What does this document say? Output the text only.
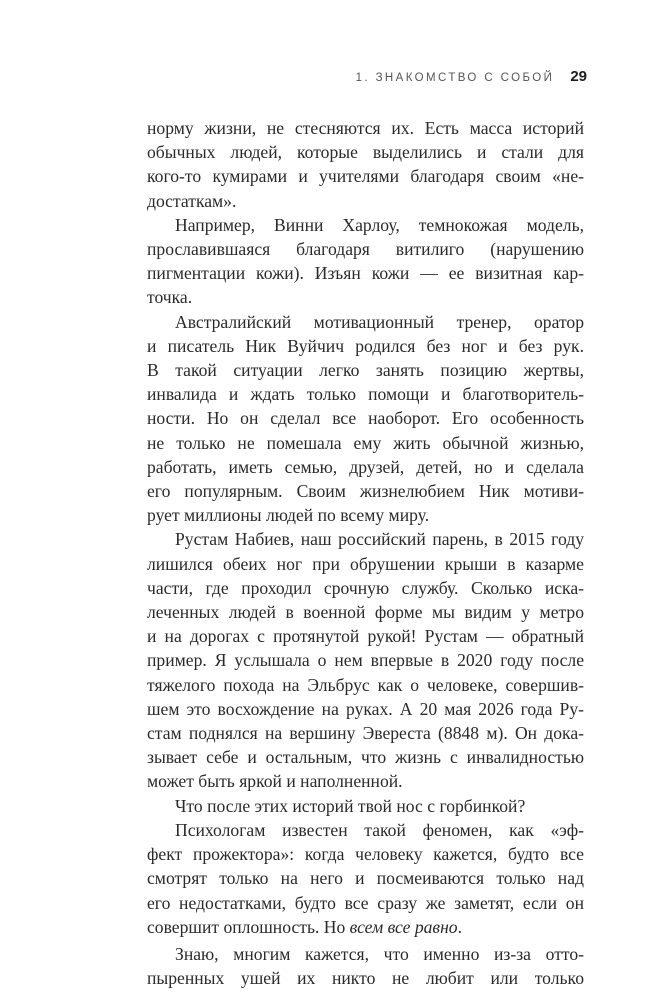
1. ЗНАКОМСТВО С СОБОЙ 29
норму жизни, не стесняются их. Есть масса историй
обычных людей, которые выделились и стали для
кого-то кумирами и учителями благодаря своим «не-
достаткам».
Например, Винни Харлоу, темнокожая модель,
прославившаяся благодаря витилиго (нарушению
пигментации кожи). Изъян кожи — ее визитная кар-
точка.
Австралийский мотивационный тренер, оратор
и писатель Ник Вуйчич родился без ног и без рук.
В такой ситуации легко занять позицию жертвы,
инвалида и ждать только помощи и благотворитель-
ности. Но он сделал все наоборот. Его особенность
не только не помешала ему жить обычной жизнью,
работать, иметь семью, друзей, детей, но и сделала
его популярным. Своим жизнелюбием Ник мотиви-
рует миллионы людей по всему миру.
Рустам Набиев, наш российский парень, в 2015 году
лишился обеих ног при обрушении крыши в казарме
части, где проходил срочную службу. Сколько иска-
леченных людей в военной форме мы видим у метро
и на дорогах с протянутой рукой! Рустам — обратный
пример. Я услышала о нем впервые в 2020 году после
тяжелого похода на Эльбрус как о человеке, совершив-
шем это восхождение на руках. А 20 мая 2026 года Ру-
стам поднялся на вершину Эвереста (8848 м). Он дока-
зывает себе и остальным, что жизнь с инвалидностью
может быть яркой и наполненной.
Что после этих историй твой нос с горбинкой?
Психологам известен такой феномен, как «эф-
фект прожектора»: когда человеку кажется, будто все
смотрят только на него и посмеиваются только над
его недостатками, будто все сразу же заметят, если он
совершит оплошность. Но всем все равно.
Знаю, многим кажется, что именно из-за отто-
пыренных ушей их никто не любит или только
